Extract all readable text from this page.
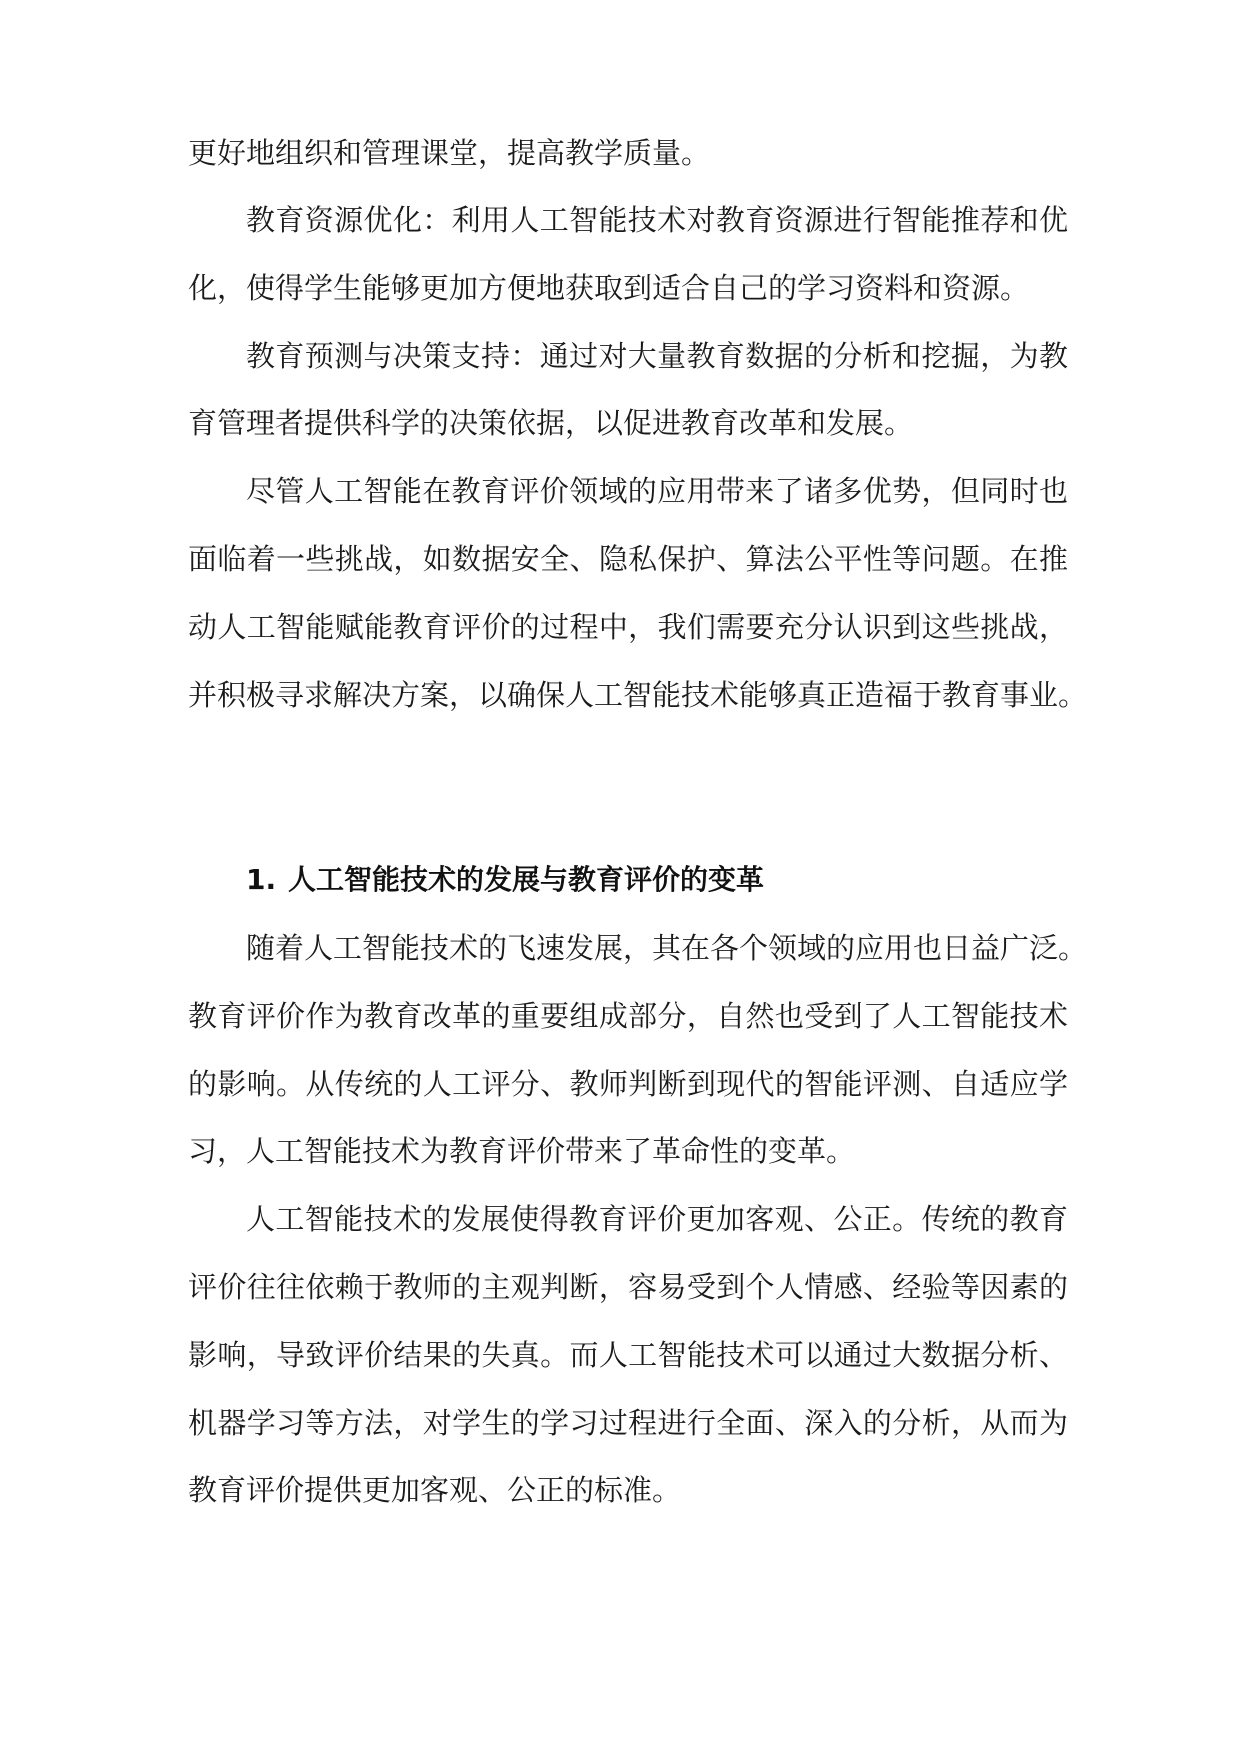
更好地组织和管理课堂，提高教学质量。
教育资源优化：利用人工智能技术对教育资源进行智能推荐和优
化，使得学生能够更加方便地获取到适合自己的学习资料和资源。
教育预测与决策支持：通过对大量教育数据的分析和挖掘，为教
育管理者提供科学的决策依据，以促进教育改革和发展。
尽管人工智能在教育评价领域的应用带来了诸多优势，但同时也
面临着一些挑战，如数据安全、隐私保护、算法公平性等问题。在推
动人工智能赋能教育评价的过程中，我们需要充分认识到这些挑战，
并积极寻求解决方案，以确保人工智能技术能够真正造福于教育事业。
1. 人工智能技术的发展与教育评价的变革
随着人工智能技术的飞速发展，其在各个领域的应用也日益广泛。
教育评价作为教育改革的重要组成部分，自然也受到了人工智能技术
的影响。从传统的人工评分、教师判断到现代的智能评测、自适应学
习，人工智能技术为教育评价带来了革命性的变革。
人工智能技术的发展使得教育评价更加客观、公正。传统的教育
评价往往依赖于教师的主观判断，容易受到个人情感、经验等因素的
影响，导致评价结果的失真。而人工智能技术可以通过大数据分析、
机器学习等方法，对学生的学习过程进行全面、深入的分析，从而为
教育评价提供更加客观、公正的标准。
